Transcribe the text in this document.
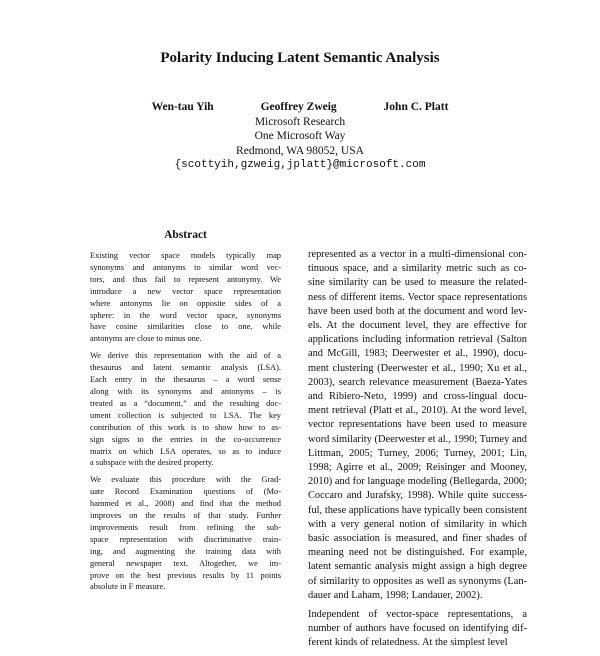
Polarity Inducing Latent Semantic Analysis
Wen-tau Yih	Geoffrey Zweig	John C. Platt
Microsoft Research
One Microsoft Way
Redmond, WA 98052, USA
{scottyih,gzweig,jplatt}@microsoft.com
Abstract
Existing vector space models typically map
synonyms and antonyms to similar word vec-
tors, and thus fail to represent antonymy. We
introduce a new vector space representation
where antonyms lie on opposite sides of a
sphere: in the word vector space, synonyms
have cosine similarities close to one, while
antonyms are close to minus one.
We derive this representation with the aid of a
thesaurus and latent semantic analysis (LSA).
Each entry in the thesaurus – a word sense
along with its synonyms and antonyms – is
treated as a “document,” and the resulting doc-
ument collection is subjected to LSA. The key
contribution of this work is to show how to as-
sign signs to the entries in the co-occurrence
matrix on which LSA operates, so as to induce
a subspace with the desired property.
We evaluate this procedure with the Grad-
uate Record Examination questions of (Mo-
hammed et al., 2008) and find that the method
improves on the results of that study. Further
improvements result from refining the sub-
space representation with discriminative train-
ing, and augmenting the training data with
general newspaper text. Altogether, we im-
prove on the best previous results by 11 points
absolute in F measure.
represented as a vector in a multi-dimensional con-
tinuous space, and a similarity metric such as co-
sine similarity can be used to measure the related-
ness of different items. Vector space representations
have been used both at the document and word lev-
els. At the document level, they are effective for
applications including information retrieval (Salton
and McGill, 1983; Deerwester et al., 1990), docu-
ment clustering (Deerwester et al., 1990; Xu et al.,
2003), search relevance measurement (Baeza-Yates
and Ribiero-Neto, 1999) and cross-lingual docu-
ment retrieval (Platt et al., 2010). At the word level,
vector representations have been used to measure
word similarity (Deerwester et al., 1990; Turney and
Littman, 2005; Turney, 2006; Turney, 2001; Lin,
1998; Agirre et al., 2009; Reisinger and Mooney,
2010) and for language modeling (Bellegarda, 2000;
Coccaro and Jurafsky, 1998). While quite success-
ful, these applications have typically been consistent
with a very general notion of similarity in which
basic association is measured, and finer shades of
meaning need not be distinguished. For example,
latent semantic analysis might assign a high degree
of similarity to opposites as well as synonyms (Lan-
dauer and Laham, 1998; Landauer, 2002).
Independent of vector-space representations, a
number of authors have focused on identifying dif-
ferent kinds of relatedness. At the simplest level
